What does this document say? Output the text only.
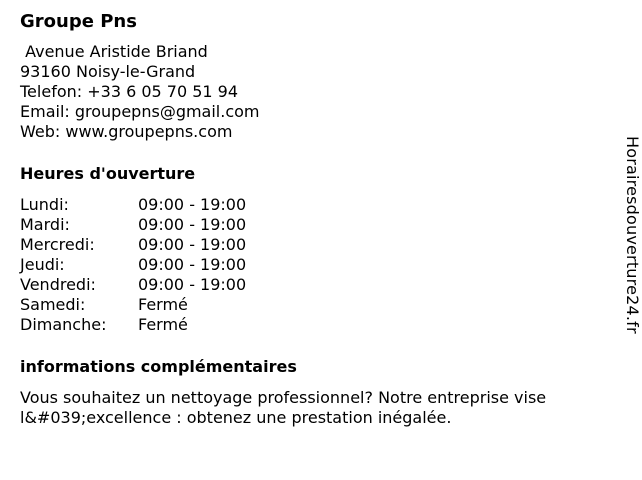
Groupe Pns
Avenue Aristide Briand
93160 Noisy-le-Grand
Telefon: +33 6 05 70 51 94
Email: groupepns@gmail.com
Web: www.groupepns.com
Heures d'ouverture
Lundi:	09:00 - 19:00
Mardi:	09:00 - 19:00
Mercredi:	09:00 - 19:00
Jeudi:	09:00 - 19:00
Vendredi:	09:00 - 19:00
Samedi:	Fermé
Dimanche:	Fermé
informations complémentaires
Vous souhaitez un nettoyage professionnel? Notre entreprise vise l&#039;excellence : obtenez une prestation inégalée.
Horairesdouverture24.fr
